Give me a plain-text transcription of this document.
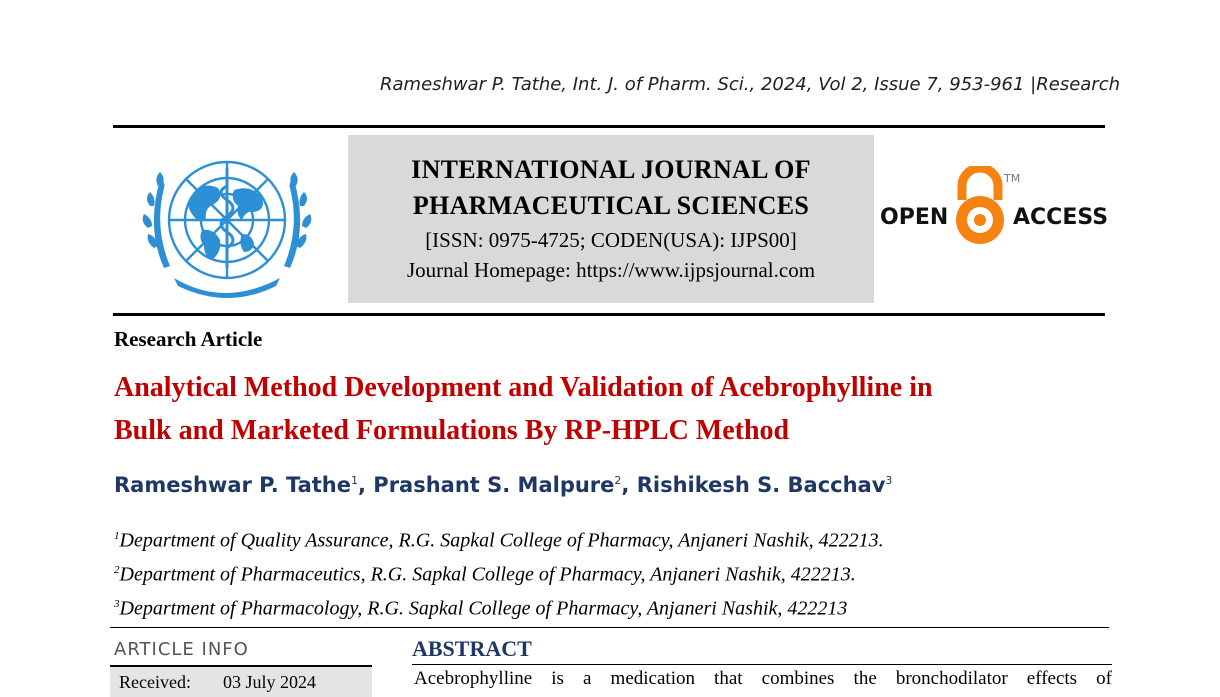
Rameshwar P. Tathe, Int. J. of Pharm. Sci., 2024, Vol 2, Issue 7, 953-961 |Research
INTERNATIONAL JOURNAL OF
PHARMACEUTICAL SCIENCES
[ISSN: 0975-4725; CODEN(USA): IJPS00]
Journal Homepage: https://www.ijpsjournal.com
OPEN
TM
ACCESS
Research Article
Analytical Method Development and Validation of Acebrophylline in
Bulk and Marketed Formulations By RP-HPLC Method
Rameshwar P. Tathe$^1$, Prashant S. Malpure$^2$, Rishikesh S. Bacchav$^3$
$^1$Department of Quality Assurance, R.G. Sapkal College of Pharmacy, Anjaneri Nashik, 422213.
$^2$Department of Pharmaceutics, R.G. Sapkal College of Pharmacy, Anjaneri Nashik, 422213.
$^3$Department of Pharmacology, R.G. Sapkal College of Pharmacy, Anjaneri Nashik, 422213
ARTICLE INFO
Received: 03 July 2024
ABSTRACT
Acebrophylline is a medication that combines the bronchodilator effects of
